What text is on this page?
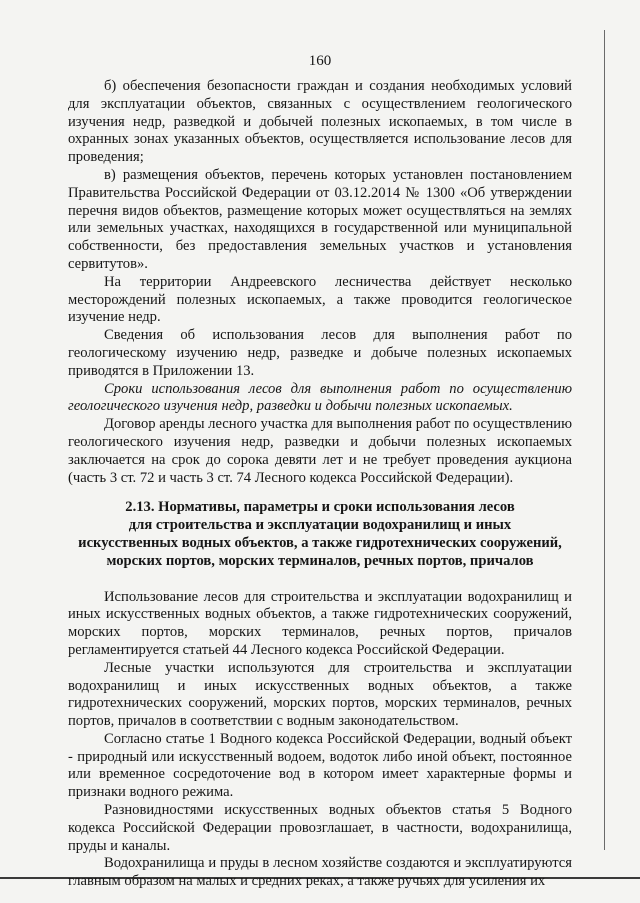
160

б) обеспечения безопасности граждан и создания необходимых условий для эксплуатации объектов, связанных с осуществлением геологического изучения недр, разведкой и добычей полезных ископаемых, в том числе в охранных зонах указанных объектов, осуществляется использование лесов для проведения;

в) размещения объектов, перечень которых установлен постановлением Правительства Российской Федерации от 03.12.2014 № 1300 «Об утверждении перечня видов объектов, размещение которых может осуществляться на землях или земельных участках, находящихся в государственной или муниципальной собственности, без предоставления земельных участков и установления сервитутов».

На территории Андреевского лесничества действует несколько месторождений полезных ископаемых, а также проводится геологическое изучение недр.

Сведения об использования лесов для выполнения работ по геологическому изучению недр, разведке и добыче полезных ископаемых приводятся в Приложении 13.

Сроки использования лесов для выполнения работ по осуществлению геологического изучения недр, разведки и добычи полезных ископаемых.

Договор аренды лесного участка для выполнения работ по осуществлению геологического изучения недр, разведки и добычи полезных ископаемых заключается на срок до сорока девяти лет и не требует проведения аукциона (часть 3 ст. 72 и часть 3 ст. 74 Лесного кодекса Российской Федерации).

2.13. Нормативы, параметры и сроки использования лесов
для строительства и эксплуатации водохранилищ и иных
искусственных водных объектов, а также гидротехнических сооружений,
морских портов, морских терминалов, речных портов, причалов

Использование лесов для строительства и эксплуатации водохранилищ и иных искусственных водных объектов, а также гидротехнических сооружений, морских портов, морских терминалов, речных портов, причалов регламентируется статьей 44 Лесного кодекса Российской Федерации.

Лесные участки используются для строительства и эксплуатации водохранилищ и иных искусственных водных объектов, а также гидротехнических сооружений, морских портов, морских терминалов, речных портов, причалов в соответствии с водным законодательством.

Согласно статье 1 Водного кодекса Российской Федерации, водный объект - природный или искусственный водоем, водоток либо иной объект, постоянное или временное сосредоточение вод в котором имеет характерные формы и признаки водного режима.

Разновидностями искусственных водных объектов статья 5 Водного кодекса Российской Федерации провозглашает, в частности, водохранилища, пруды и каналы.

Водохранилища и пруды в лесном хозяйстве создаются и эксплуатируются главным образом на малых и средних реках, а также ручьях для усиления их
